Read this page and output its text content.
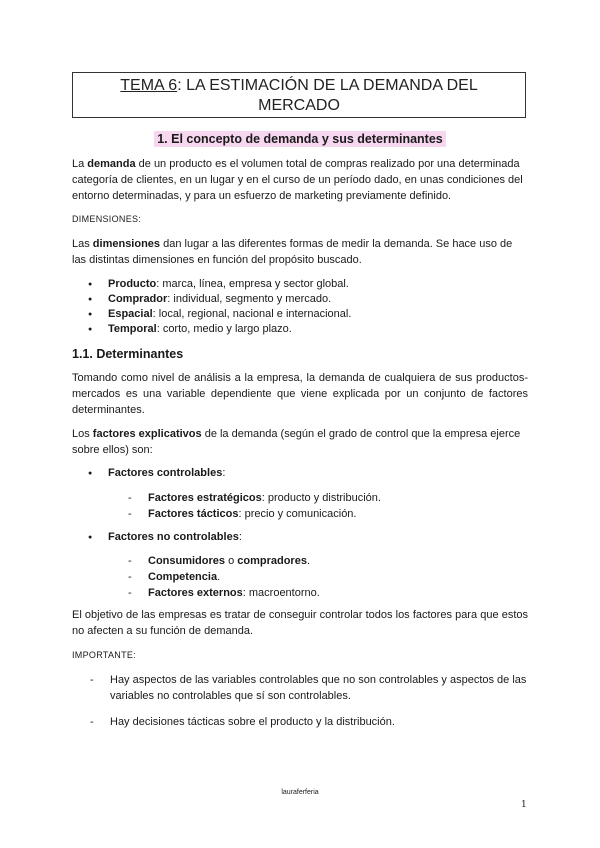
TEMA 6: LA ESTIMACIÓN DE LA DEMANDA DEL
MERCADO
1. El concepto de demanda y sus determinantes

La demanda de un producto es el volumen total de compras realizado por una determinada categoría de clientes, en un lugar y en el curso de un período dado, en unas condiciones del entorno determinadas, y para un esfuerzo de marketing previamente definido.

DIMENSIONES:

Las dimensiones dan lugar a las diferentes formas de medir la demanda. Se hace uso de las distintas dimensiones en función del propósito buscado.

● Producto: marca, línea, empresa y sector global.
● Comprador: individual, segmento y mercado.
● Espacial: local, regional, nacional e internacional.
● Temporal: corto, medio y largo plazo.
1.1. Determinantes

Tomando como nivel de análisis a la empresa, la demanda de cualquiera de sus productos-mercados es una variable dependiente que viene explicada por un conjunto de factores determinantes.

Los factores explicativos de la demanda (según el grado de control que la empresa ejerce sobre ellos) son:

● Factores controlables:
- Factores estratégicos: producto y distribución.
- Factores tácticos: precio y comunicación.
● Factores no controlables:
- Consumidores o compradores.
- Competencia.
- Factores externos: macroentorno.

El objetivo de las empresas es tratar de conseguir controlar todos los factores para que estos no afecten a su función de demanda.

IMPORTANTE:
- Hay aspectos de las variables controlables que no son controlables y aspectos de las variables no controlables que sí son controlables.
- Hay decisiones tácticas sobre el producto y la distribución.
lauraferferia
1
